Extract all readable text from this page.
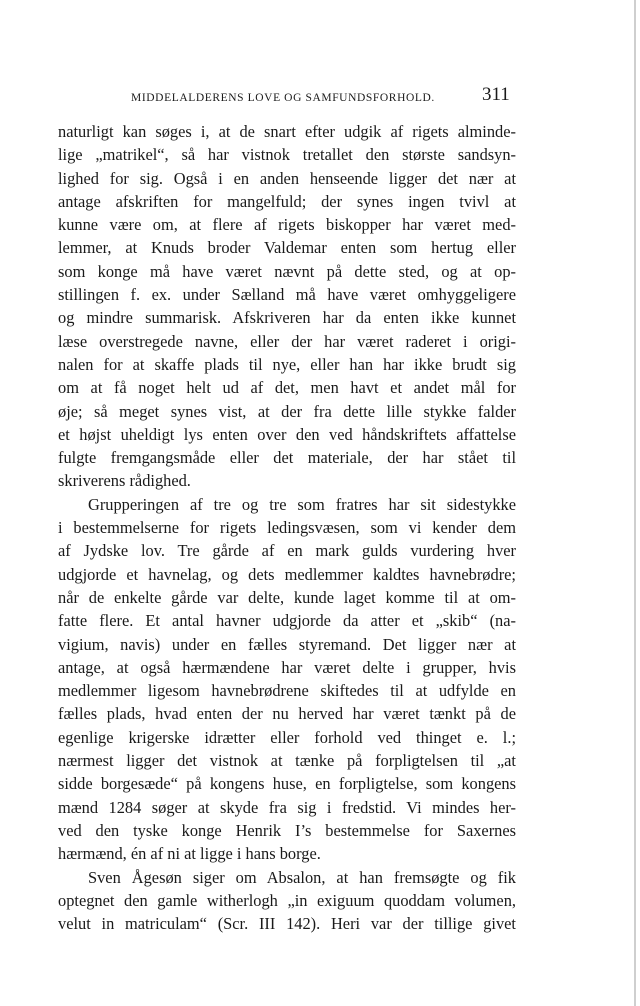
MIDDELALDERENS LOVE OG SAMFUNDSFORHOLD. 311
naturligt kan søges i, at de snart efter udgik af rigets alminde-
lige „matrikel“, så har vistnok tretallet den største sandsyn-
lighed for sig. Også i en anden henseende ligger det nær at
antage afskriften for mangelfuld; der synes ingen tvivl at
kunne være om, at flere af rigets biskopper har været med-
lemmer, at Knuds broder Valdemar enten som hertug eller
som konge må have været nævnt på dette sted, og at op-
stillingen f. ex. under Sælland må have været omhyggeligere
og mindre summarisk. Afskriveren har da enten ikke kunnet
læse overstregede navne, eller der har været raderet i origi-
nalen for at skaffe plads til nye, eller han har ikke brudt sig
om at få noget helt ud af det, men havt et andet mål for
øje; så meget synes vist, at der fra dette lille stykke falder
et højst uheldigt lys enten over den ved håndskriftets affattelse
fulgte fremgangsmåde eller det materiale, der har stået til
skriverens rådighed.
Grupperingen af tre og tre som fratres har sit sidestykke
i bestemmelserne for rigets ledingsvæsen, som vi kender dem
af Jydske lov. Tre gårde af en mark gulds vurdering hver
udgjorde et havnelag, og dets medlemmer kaldtes havnebrødre;
når de enkelte gårde var delte, kunde laget komme til at om-
fatte flere. Et antal havner udgjorde da atter et „skib“ (na-
vigium, navis) under en fælles styremand. Det ligger nær at
antage, at også hærmændene har været delte i grupper, hvis
medlemmer ligesom havnebrødrene skiftedes til at udfylde en
fælles plads, hvad enten der nu herved har været tænkt på de
egenlige krigerske idrætter eller forhold ved thinget e. l.;
nærmest ligger det vistnok at tænke på forpligtelsen til „at
sidde borgesæde“ på kongens huse, en forpligtelse, som kongens
mænd 1284 søger at skyde fra sig i fredstid. Vi mindes her-
ved den tyske konge Henrik I’s bestemmelse for Saxernes
hærmænd, én af ni at ligge i hans borge.
Sven Ågesøn siger om Absalon, at han fremsøgte og fik
optegnet den gamle witherlogh „in exiguum quoddam volumen,
velut in matriculam“ (Scr. III 142). Heri var der tillige givet
